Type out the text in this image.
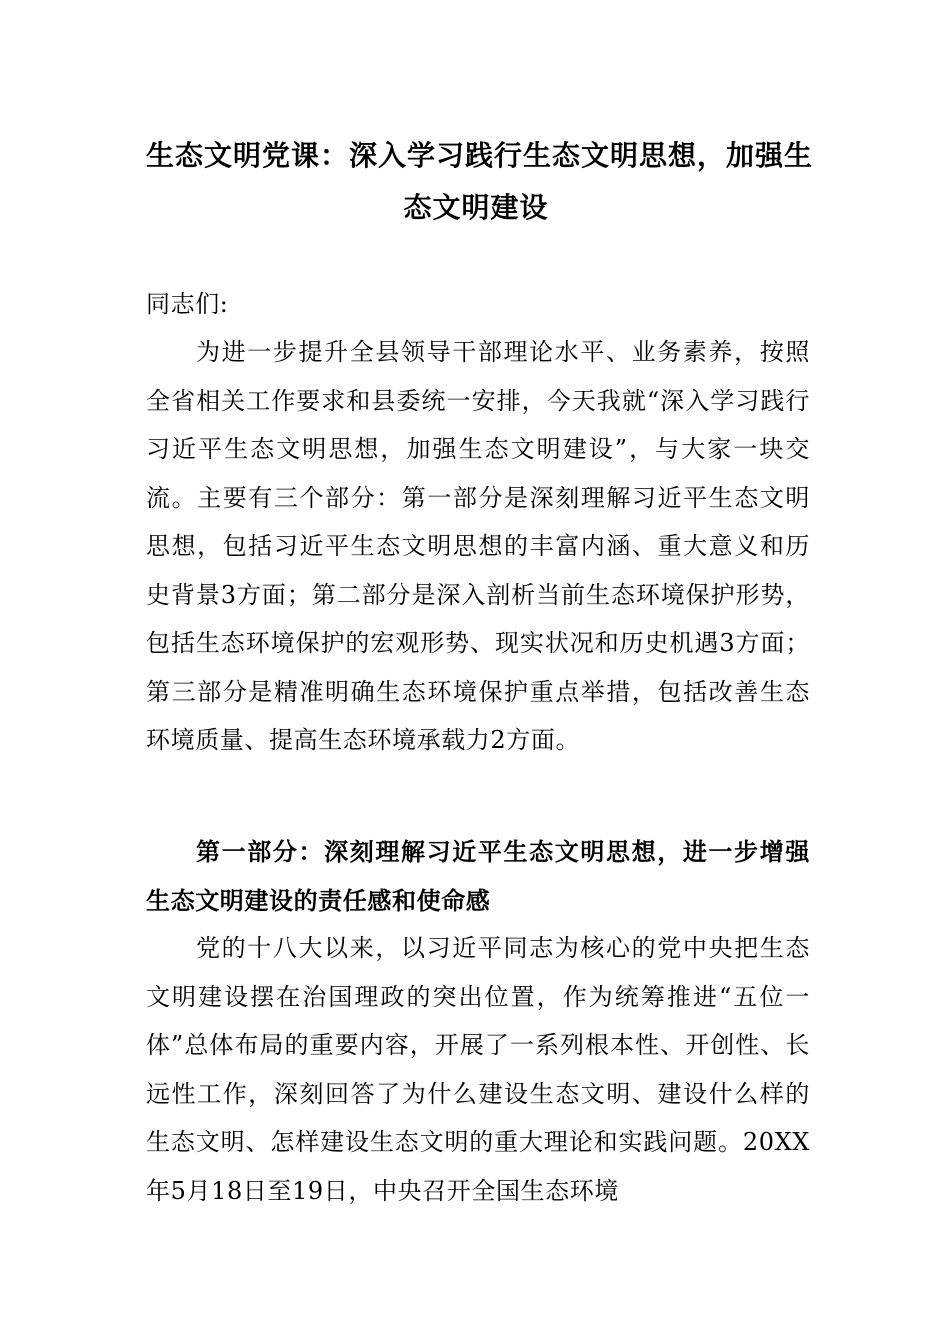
生态文明党课：深入学习践行生态文明思想，加强生
态文明建设

同志们:

为进一步提升全县领导干部理论水平、业务素养，按照全省相关工作要求和县委统一安排，今天我就“深入学习践行习近平生态文明思想，加强生态文明建设”，与大家一块交流。主要有三个部分：第一部分是深刻理解习近平生态文明思想，包括习近平生态文明思想的丰富内涵、重大意义和历史背景3方面；第二部分是深入剖析当前生态环境保护形势，包括生态环境保护的宏观形势、现实状况和历史机遇3方面；第三部分是精准明确生态环境保护重点举措，包括改善生态环境质量、提高生态环境承载力2方面。

第一部分：深刻理解习近平生态文明思想，进一步增强生态文明建设的责任感和使命感

党的十八大以来，以习近平同志为核心的党中央把生态文明建设摆在治国理政的突出位置，作为统筹推进“五位一体”总体布局的重要内容，开展了一系列根本性、开创性、长远性工作，深刻回答了为什么建设生态文明、建设什么样的生态文明、怎样建设生态文明的重大理论和实践问题。20XX年5月18日至19日，中央召开全国生态环境
